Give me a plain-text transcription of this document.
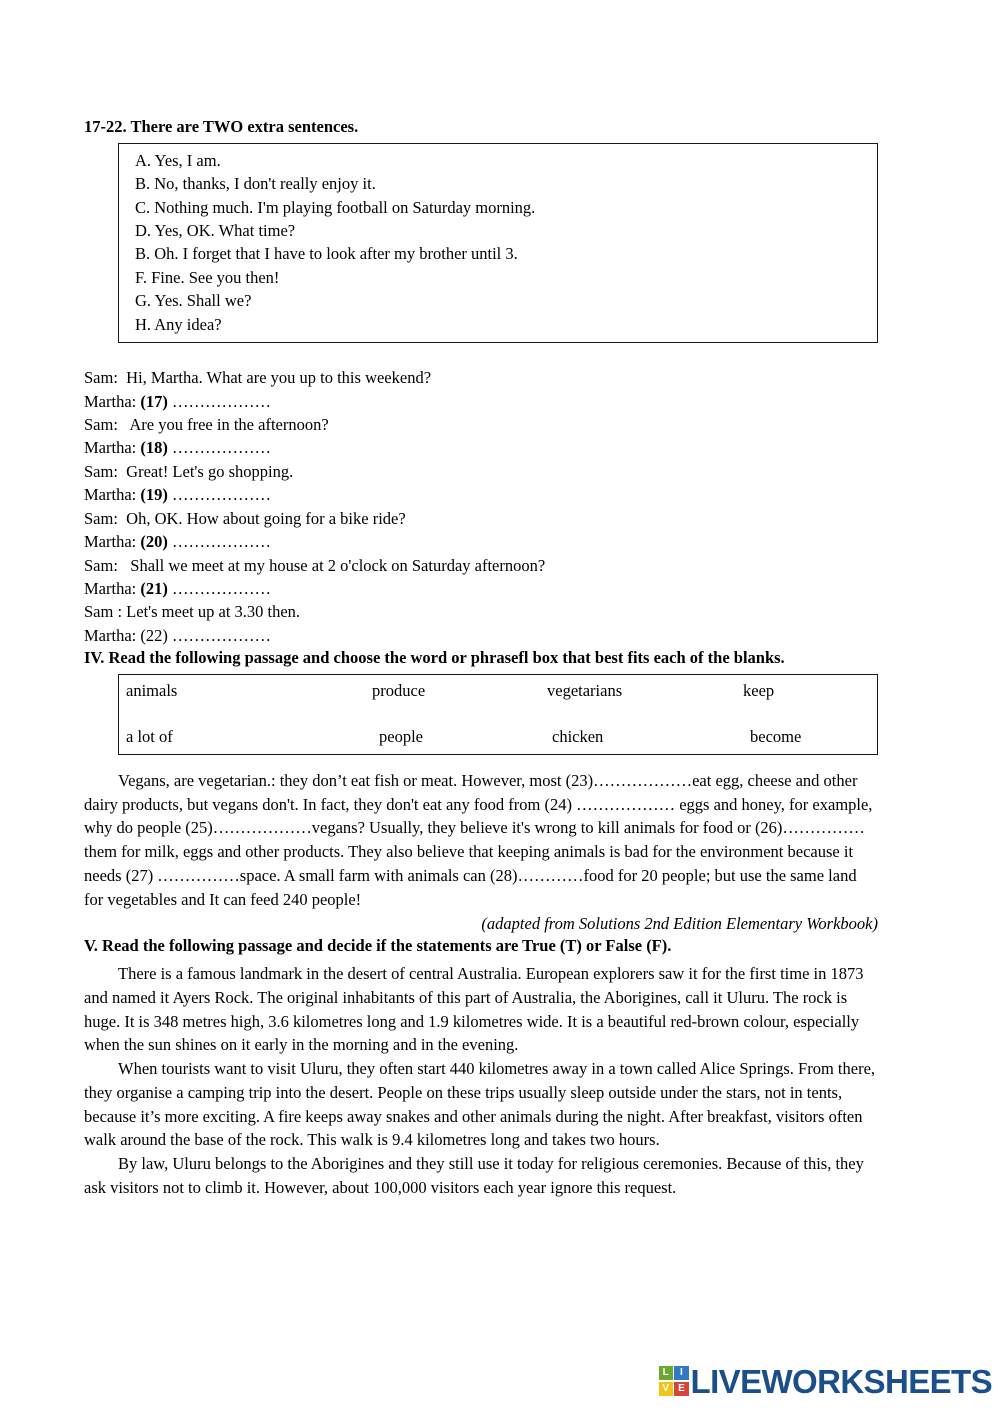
17-22. There are TWO extra sentences.
A. Yes, I am.
B. No, thanks, I don't really enjoy it.
C. Nothing much. I'm playing football on Saturday morning.
D. Yes, OK. What time?
B. Oh. I forget that I have to look after my brother until 3.
F. Fine. See you then!
G. Yes. Shall we?
H. Any idea?
Sam:  Hi, Martha. What are you up to this weekend?
Martha: (17) ………………
Sam:   Are you free in the afternoon?
Martha: (18) ………………
Sam:  Great! Let's go shopping.
Martha: (19) ………………
Sam:  Oh, OK. How about going for a bike ride?
Martha: (20) ………………
Sam:   Shall we meet at my house at 2 o'clock on Saturday afternoon?
Martha: (21) ………………
Sam : Let's meet up at 3.30 then.
Martha: (22) ………………
IV. Read the following passage and choose the word or phrasefl box that best fits each of the blanks.
animals	produce	vegetarians	keep
a lot of	people	chicken	become

Vegans, are vegetarian.: they don’t eat fish or meat. However, most (23)………………eat egg, cheese and other dairy products, but vegans don't. In fact, they don't eat any food from (24) ……………… eggs and honey, for example, why do people (25)………………vegans? Usually, they believe it's wrong to kill animals for food or (26)…………… them for milk, eggs and other products. They also believe that keeping animals is bad for the environment because it needs (27) ……………space. A small farm with animals can (28)…………food for 20 people; but use the same land for vegetables and It can feed 240 people!

(adapted from Solutions 2nd Edition Elementary Workbook)
V. Read the following passage and decide if the statements are True (T) or False (F).

There is a famous landmark in the desert of central Australia. European explorers saw it for the first time in 1873 and named it Ayers Rock. The original inhabitants of this part of Australia, the Aborigines, call it Uluru. The rock is huge. It is 348 metres high, 3.6 kilometres long and 1.9 kilometres wide. It is a beautiful red-brown colour, especially when the sun shines on it early in the morning and in the evening.

When tourists want to visit Uluru, they often start 440 kilometres away in a town called Alice Springs. From there, they organise a camping trip into the desert. People on these trips usually sleep outside under the stars, not in tents, because it’s more exciting. A fire keeps away snakes and other animals during the night. After breakfast, visitors often walk around the base of the rock. This walk is 9.4 kilometres long and takes two hours.

By law, Uluru belongs to the Aborigines and they still use it today for religious ceremonies. Because of this, they ask visitors not to climb it. However, about 100,000 visitors each year ignore this request.

L	I
V E LIVEWORKSHEETS
